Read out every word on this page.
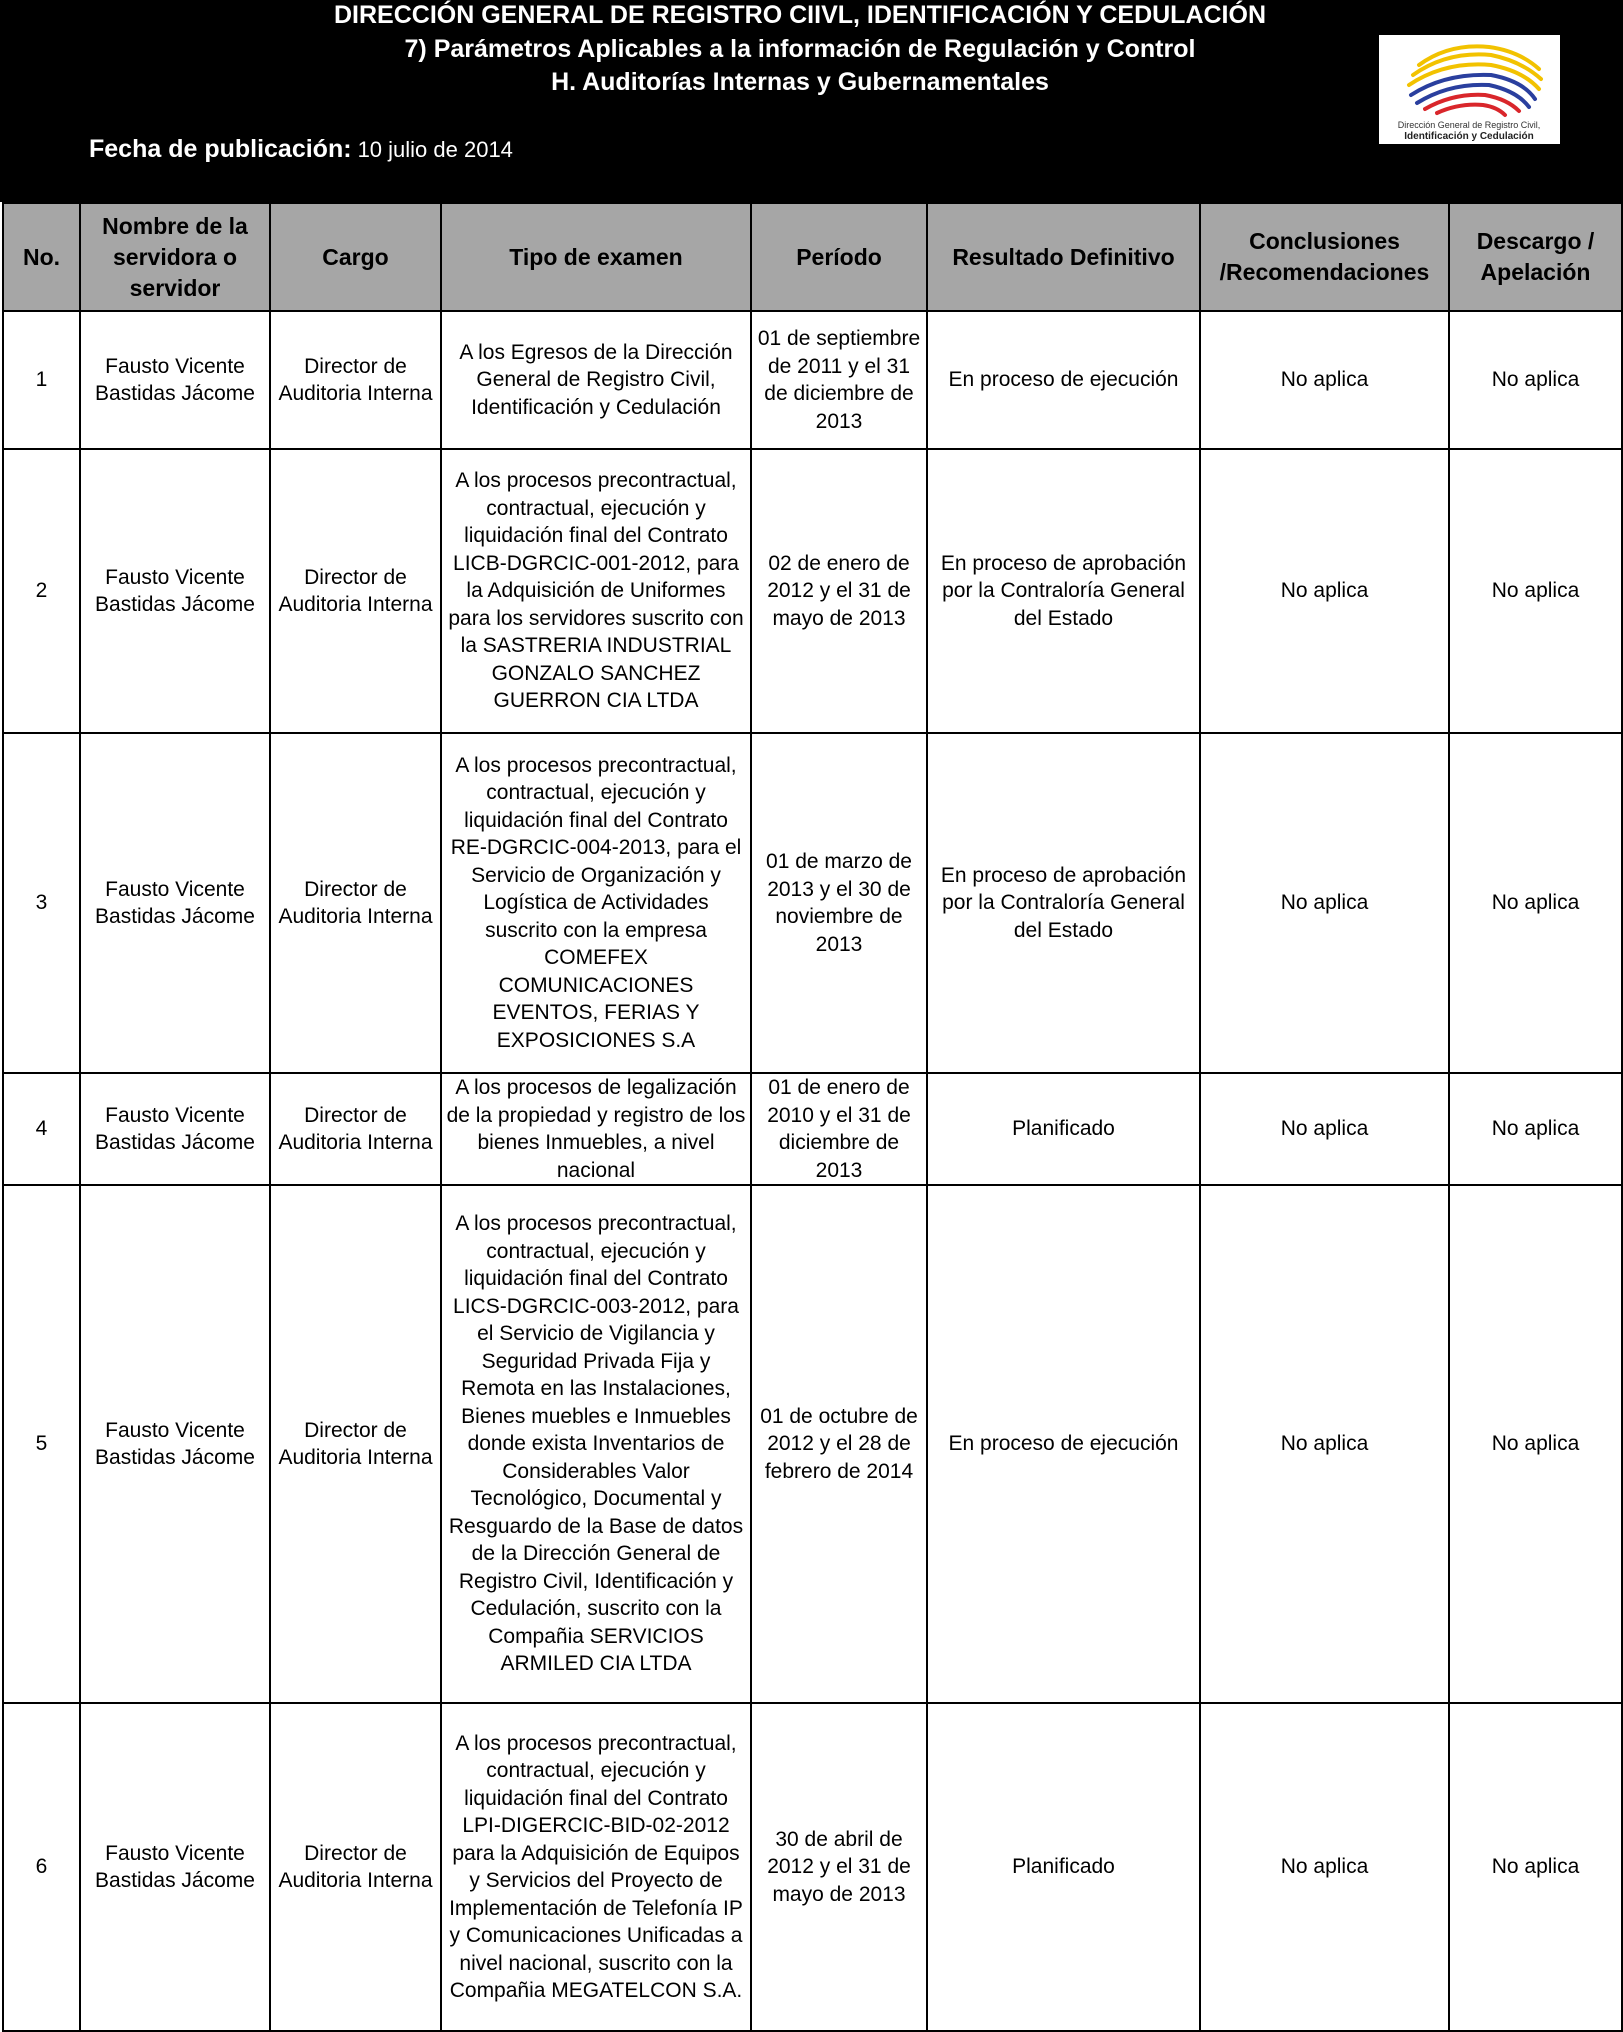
DIRECCIÓN GENERAL DE REGISTRO CIIVL, IDENTIFICACIÓN Y CEDULACIÓN
7) Parámetros Aplicables a la información de Regulación y Control
H. Auditorías Internas y Gubernamentales
Fecha de publicación: 10 julio de 2014
Dirección General de Registro Civil,
Identificación y Cedulación
No.	Nombre de la servidora o servidor	Cargo	Tipo de examen	Período	Resultado Definitivo	Conclusiones /Recomendaciones	Descargo / Apelación
1	Fausto Vicente Bastidas Jácome	Director de Auditoria Interna	A los Egresos de la Dirección General de Registro Civil, Identificación y Cedulación	01 de septiembre de 2011 y el 31 de diciembre de 2013	En proceso de ejecución	No aplica	No aplica
2	Fausto Vicente Bastidas Jácome	Director de Auditoria Interna	A los procesos precontractual, contractual, ejecución y liquidación final del Contrato LICB-DGRCIC-001-2012, para la Adquisición de Uniformes para los servidores suscrito con la SASTRERIA INDUSTRIAL GONZALO SANCHEZ GUERRON CIA LTDA	02 de enero de 2012 y el 31 de mayo de 2013	En proceso de aprobación por la Contraloría General del Estado	No aplica	No aplica
3	Fausto Vicente Bastidas Jácome	Director de Auditoria Interna	A los procesos precontractual, contractual, ejecución y liquidación final del Contrato RE-DGRCIC-004-2013, para el Servicio de Organización y Logística de Actividades suscrito con la empresa COMEFEX COMUNICACIONES EVENTOS, FERIAS Y EXPOSICIONES S.A	01 de marzo de 2013 y el 30 de noviembre de 2013	En proceso de aprobación por la Contraloría General del Estado	No aplica	No aplica
4	Fausto Vicente Bastidas Jácome	Director de Auditoria Interna	A los procesos de legalización de la propiedad y registro de los bienes Inmuebles, a nivel nacional	01 de enero de 2010 y el 31 de diciembre de 2013	Planificado	No aplica	No aplica
5	Fausto Vicente Bastidas Jácome	Director de Auditoria Interna	A los procesos precontractual, contractual, ejecución y liquidación final del Contrato LICS-DGRCIC-003-2012, para el Servicio de Vigilancia y Seguridad Privada Fija y Remota en las Instalaciones, Bienes muebles e Inmuebles donde exista Inventarios de Considerables Valor Tecnológico, Documental y Resguardo de la Base de datos de la Dirección General de Registro Civil, Identificación y Cedulación, suscrito con la Compañia SERVICIOS ARMILED CIA LTDA	01 de octubre de 2012 y el 28 de febrero de 2014	En proceso de ejecución	No aplica	No aplica
6	Fausto Vicente Bastidas Jácome	Director de Auditoria Interna	A los procesos precontractual, contractual, ejecución y liquidación final del Contrato LPI-DIGERCIC-BID-02-2012 para la Adquisición de Equipos y Servicios del Proyecto de Implementación de Telefonía IP y Comunicaciones Unificadas a nivel nacional, suscrito con la Compañia MEGATELCON S.A.	30 de abril de 2012 y el 31 de mayo de 2013	Planificado	No aplica	No aplica
